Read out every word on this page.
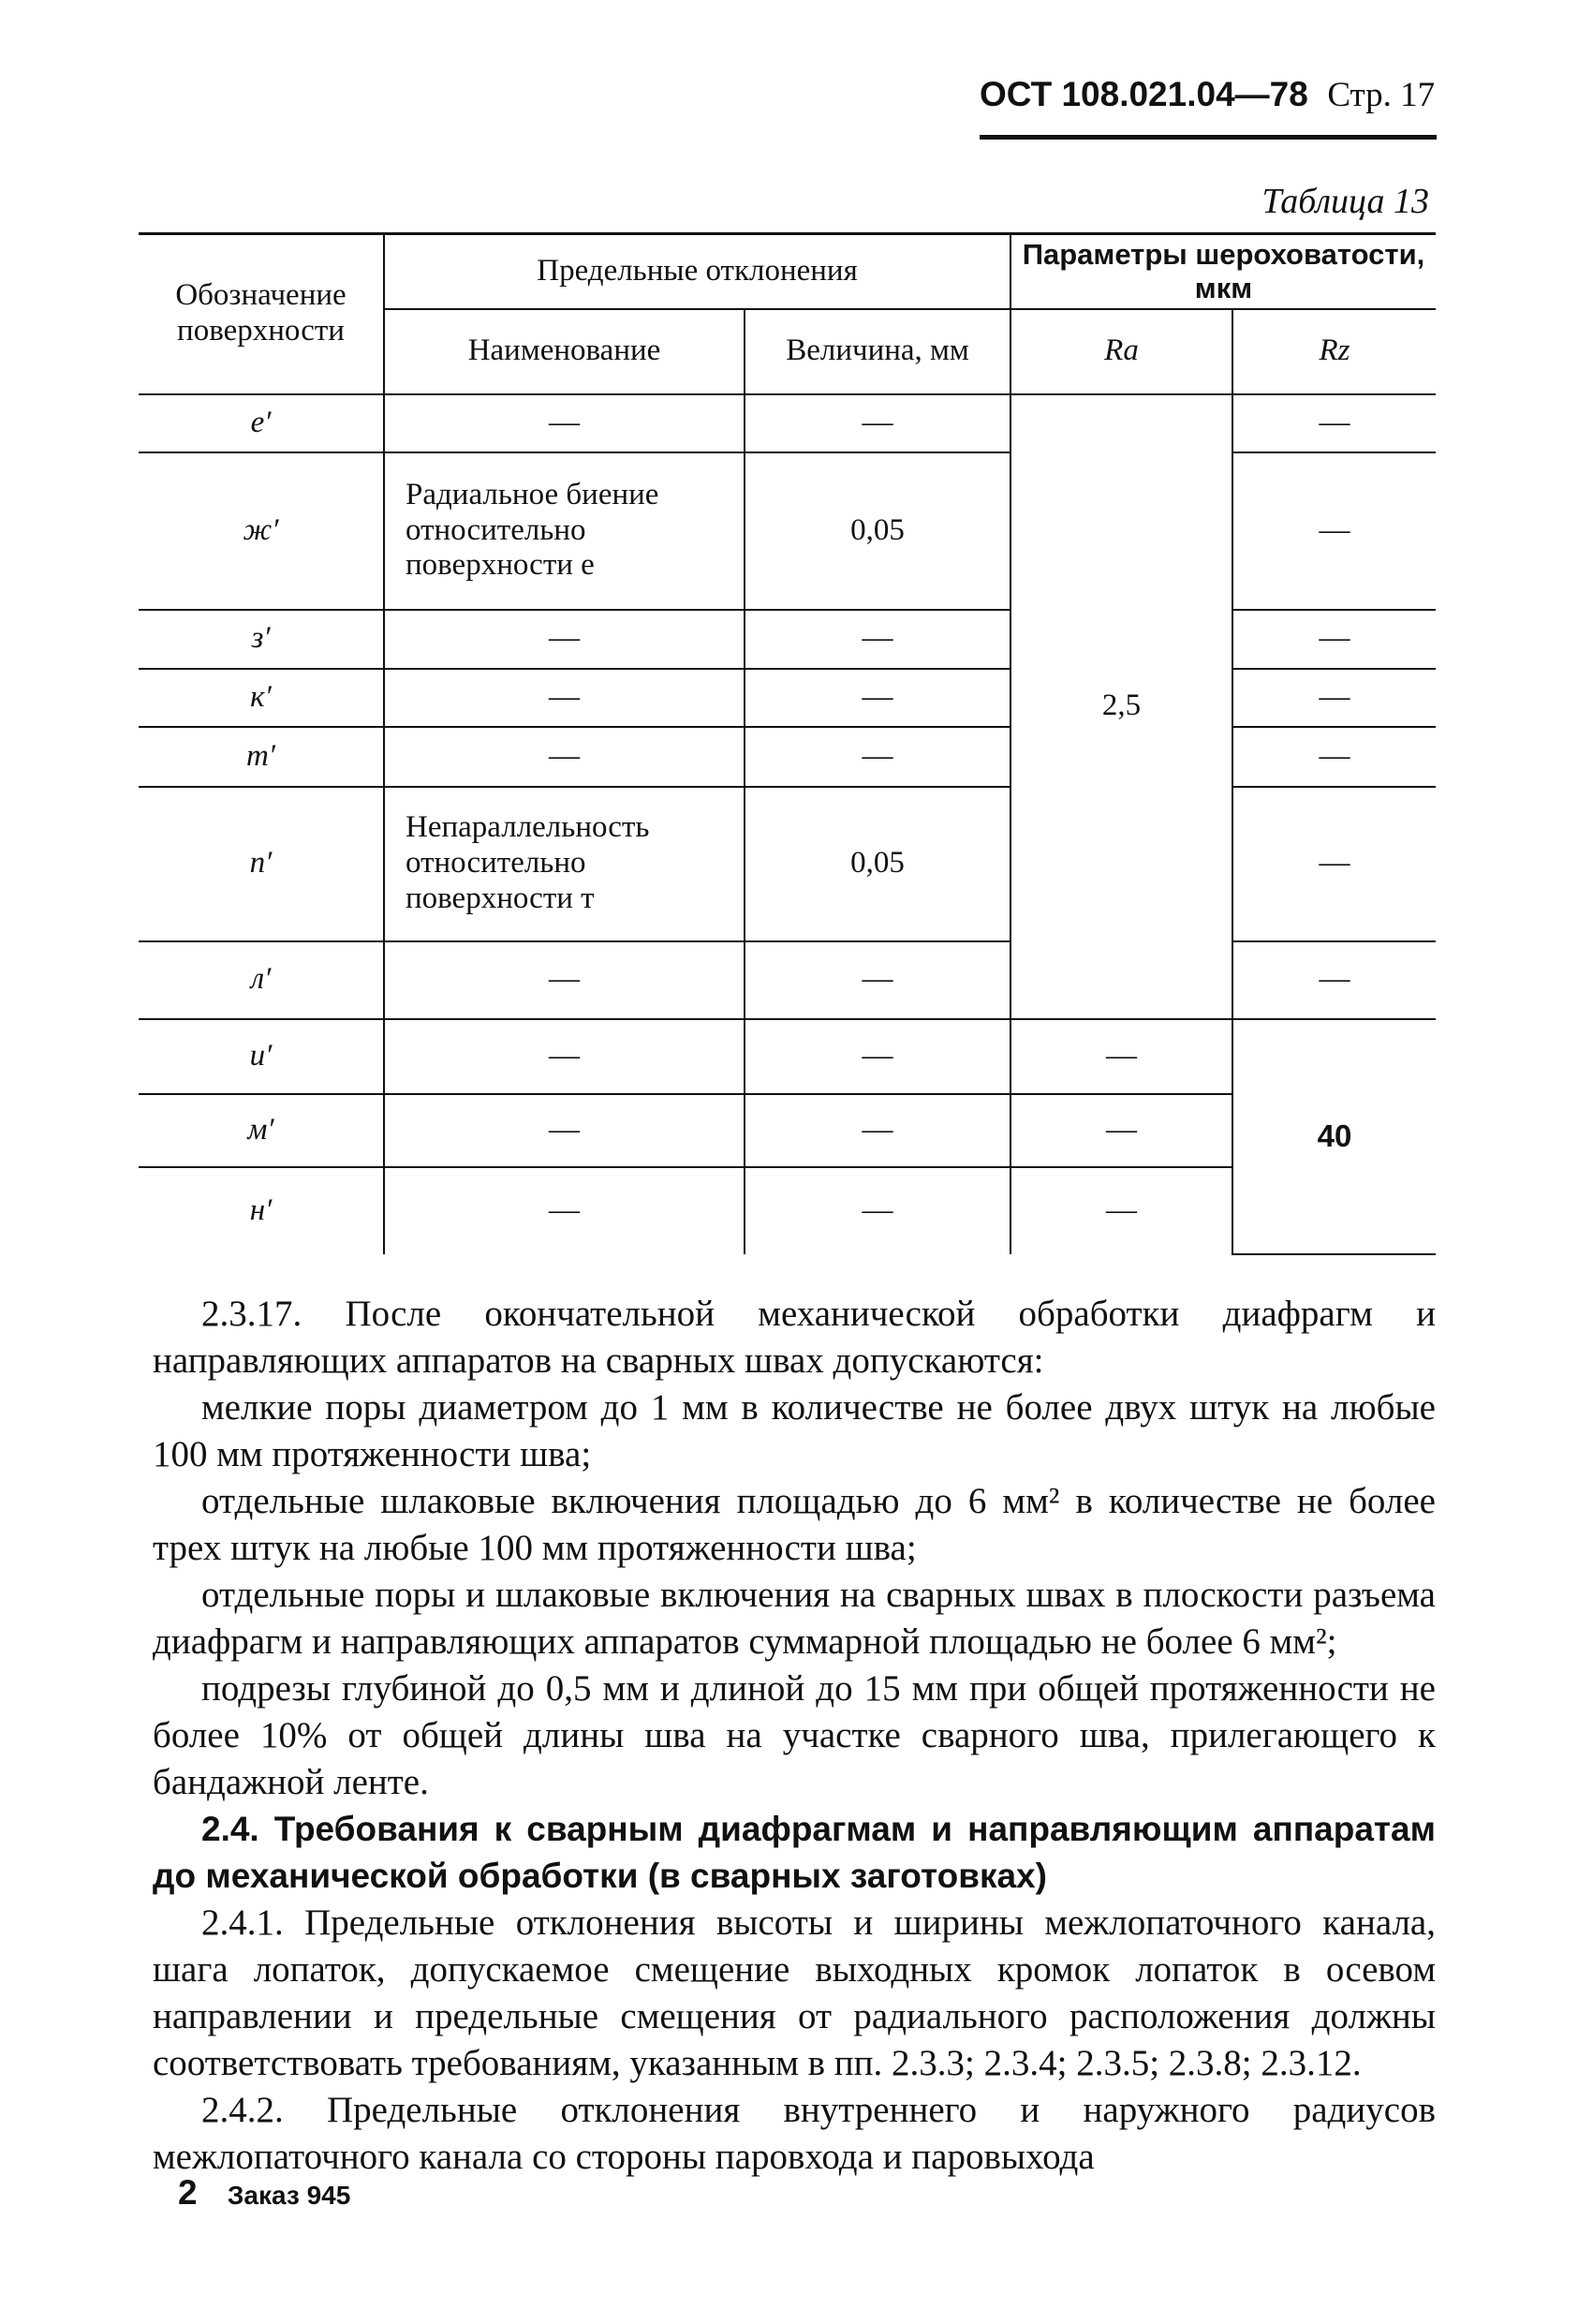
ОСТ 108.021.04—78 Стр. 17
Таблица 13
Обозначение поверхности	Предельные отклонения		Параметры шероховатости, мкм	
	Наименование	Величина, мм	Ra	Rz
е′	—	—	2,5	—
ж′	Радиальное биение относительно поверхности е	0,05		—
з′	—	—		—
к′	—	—		—
т′	—	—		—
п′	Непараллельность относительно поверхности т	0,05		—
л′	—	—		—
и′	—	—	—	40
м′	—	—	—	
н′	—	—	—	

2.3.17. После окончательной механической обработки диафрагм и направляющих аппаратов на сварных швах допускаются:

мелкие поры диаметром до 1 мм в количестве не более двух штук на любые 100 мм протяженности шва;

отдельные шлаковые включения площадью до 6 мм² в количестве не более трех штук на любые 100 мм протяженности шва;

отдельные поры и шлаковые включения на сварных швах в плоскости разъема диафрагм и направляющих аппаратов суммарной площадью не более 6 мм²;

подрезы глубиной до 0,5 мм и длиной до 15 мм при общей протяженности не более 10% от общей длины шва на участке сварного шва, прилегающего к бандажной ленте.

2.4. Требования к сварным диафрагмам и направляющим аппаратам до механической обработки (в сварных заготовках)

2.4.1. Предельные отклонения высоты и ширины межлопаточного канала, шага лопаток, допускаемое смещение выходных кромок лопаток в осевом направлении и предельные смещения от радиального расположения должны соответствовать требованиям, указанным в пп. 2.3.3; 2.3.4; 2.3.5; 2.3.8; 2.3.12.

2.4.2. Предельные отклонения внутреннего и наружного радиусов межлопаточного канала со стороны паровхода и паровыхода

2 Заказ 945
